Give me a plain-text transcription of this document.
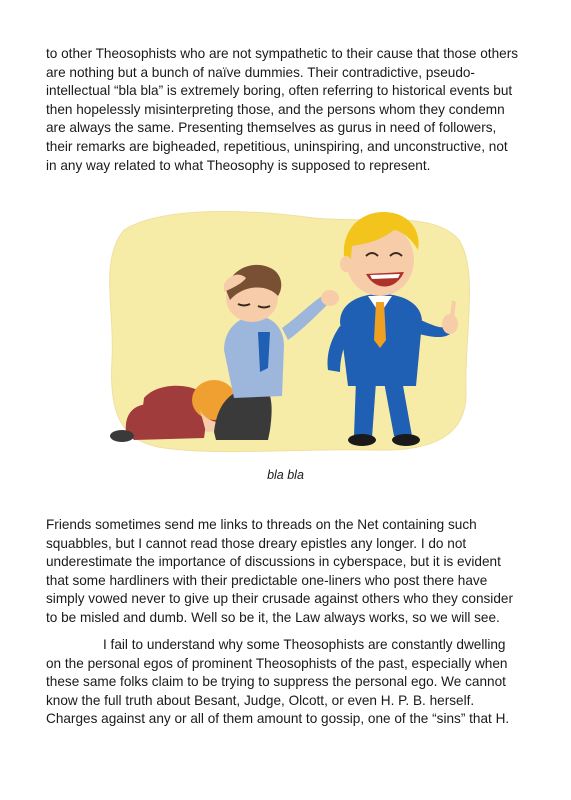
to other Theosophists who are not sympathetic to their cause that those others
are nothing but a bunch of naïve dummies. Their contradictive, pseudo-
intellectual “bla bla” is extremely boring, often referring to historical events but
then hopelessly misinterpreting those, and the persons whom they condemn
are always the same. Presenting themselves as gurus in need of followers,
their remarks are bigheaded, repetitious, uninspiring, and unconstructive, not
in any way related to what Theosophy is supposed to represent.
bla bla
Friends sometimes send me links to threads on the Net containing such
squabbles, but I cannot read those dreary epistles any longer. I do not
underestimate the importance of discussions in cyberspace, but it is evident
that some hardliners with their predictable one-liners who post there have
simply vowed never to give up their crusade against others who they consider
to be misled and dumb. Well so be it, the Law always works, so we will see.
I fail to understand why some Theosophists are constantly dwelling
on the personal egos of prominent Theosophists of the past, especially when
these same folks claim to be trying to suppress the personal ego. We cannot
know the full truth about Besant, Judge, Olcott, or even H. P. B. herself.
Charges against any or all of them amount to gossip, one of the “sins” that H.
